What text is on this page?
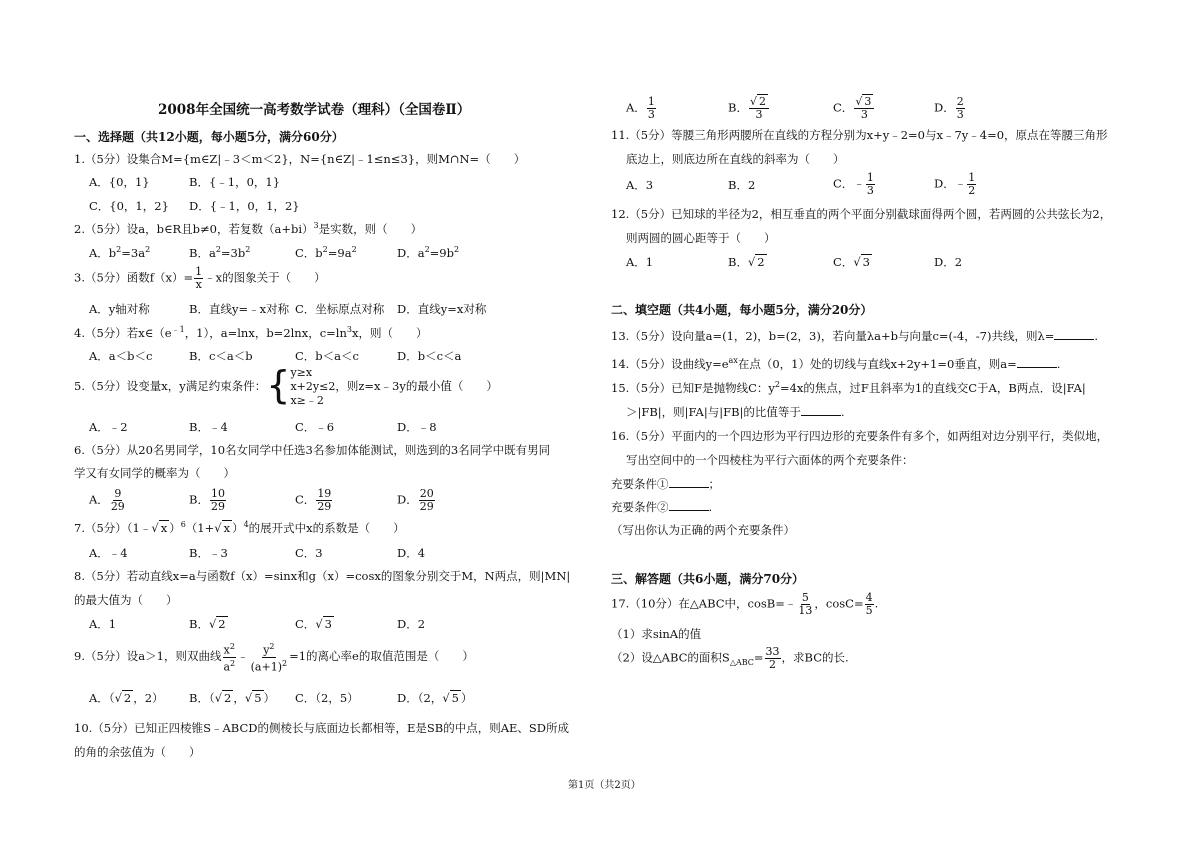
2008年全国统一高考数学试卷（理科）（全国卷Ⅱ）
一、选择题（共12小题，每小题5分，满分60分）
1.（5分）设集合M={m∈Z|﹣3＜m＜2}，N={n∈Z|﹣1≤n≤3}，则M∩N=（　　）
A．{0，1}	B．{﹣1，0，1}
C．{0，1，2} D．{﹣1，0，1，2}
2.（5分）设a，b∈R且b≠0，若复数$(a+bi)^3$是实数，则（　　）
A．$b^2=3a^2$	B．$a^2=3b^2$	C．$b^2=9a^2$	D．$a^2=9b^2$
3.（5分）函数$f(x)= \frac{1}{x}$ ﹣x的图象关于（　　）
A．y轴对称	B．直线y=﹣x对称 C．坐标原点对称 D．直线y=x对称
4.（5分）若$x\in(e^{﹣1}$，1），a=lnx，b=2lnx，$c=\ln^3x$，则（　　）
A．a＜b＜c	B．c＜a＜b	C．b＜a＜c	D．b＜c＜a
5.（5分）设变量x，y满足约束条件： { y≥x
x+2y≤2
x≥﹣2
，则z=x﹣3y的最小值（　　）
A．﹣2	B．﹣4	C．﹣6	D．﹣8
6.（5分）从20名男同学，10名女同学中任选3名参加体能测试，则选到的3名同学中既有男同
学又有女同学的概率为（　　）
A． $\frac{9}{29}$	B． $\frac{10}{29}$	C． $\frac{19}{29}$	D． $\frac{20}{29}$
7.（5分）（1﹣√ x ）$^6$（1+√ x ）$^4$的展开式中x的系数是（　　）
A．﹣4	B．﹣3	C．3	D．4
8.（5分）若动直线x=a与函数f（x）=sinx和g（x）=cosx的图象分别交于M，N两点，则|MN|
的最大值为（　　）
A．1	B．√ 2	C．√ 3	D．2
9.（5分）设a＞1，则双曲线 $\frac{x^2}{a^2}$ ﹣ $\frac{y^2}{(a+1)^2} =1$的离心率e的取值范围是（　　）
A．（√ 2 ，2） B．（√ 2 ，√ 5 ） C．（2，5）	D．（2，√ 5 ）
10.（5分）已知正四棱锥S﹣ABCD的侧棱长与底面边长都相等，E是SB的中点，则AE、SD所成
的角的余弦值为（　　）
A． $\frac{1}{3}$	B． $\frac{√ 2}{3}$	C． $\frac{√ 3}{3}$	D． $\frac{2}{3}$
11.（5分）等腰三角形两腰所在直线的方程分别为x+y﹣2=0与x﹣7y﹣4=0，原点在等腰三角形
底边上，则底边所在直线的斜率为（　　）
A．3	B．2	C．﹣ $\frac{1}{3}$	D．﹣ $\frac{1}{2}$
12.（5分）已知球的半径为2，相互垂直的两个平面分别截球面得两个圆，若两圆的公共弦长为2，
则两圆的圆心距等于（　　）
A．1	B．√ 2	C．√ 3	D．2
二、填空题（共4小题，每小题5分，满分20分）
13.（5分）设向量a=(1，2)，b=(2，3)，若向量λa+b与向量c=(-4，-7)共线，则λ=	.
14.（5分）设曲线$y=e^{ax}$在点（0，1）处的切线与直线x+2y+1=0垂直，则a=	.
15.（5分）已知F是抛物线C：$y^2=4x$的焦点，过F且斜率为1的直线交C于A，B两点．设|FA|
＞|FB|，则|FA|与|FB|的比值等于	.
16.（5分）平面内的一个四边形为平行四边形的充要条件有多个，如两组对边分别平行，类似地，
写出空间中的一个四棱柱为平行六面体的两个充要条件：
充要条件①	；
充要条件②	.
（写出你认为正确的两个充要条件）
三、解答题（共6小题，满分70分）
17.（10分）在△ABC中，cosB=﹣ $\frac{5}{13}$ ，$\cos C= \frac{4}{5}$ .
（1）求sinA的值
（2）设△ABC的面积$S_{\triangle ABC}= \frac{33}{2}$ ，求BC的长.
第1页（共2页）
